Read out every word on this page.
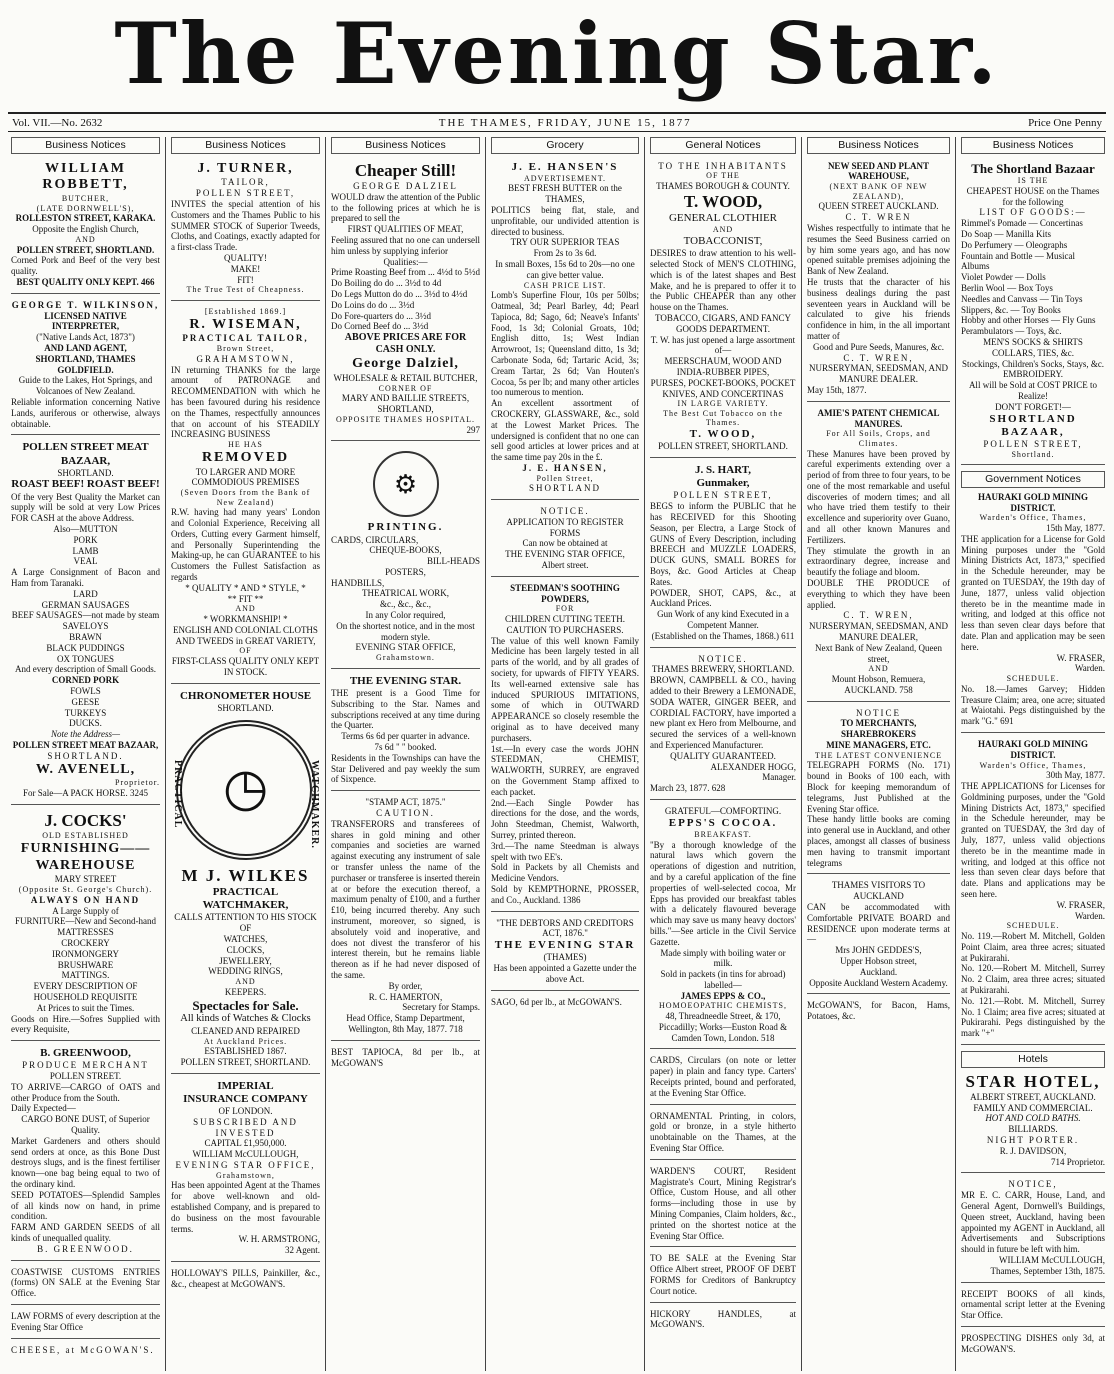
The Evening Star.
Vol. VII.—No. 2632	THE THAMES, FRIDAY, JUNE 15, 1877	Price One Penny
Business Notices
WILLIAM ROBBETT,
BUTCHER,
(LATE DORNWELL'S),
ROLLESTON STREET, KARAKA.
Opposite the English Church,
AND
POLLEN STREET, SHORTLAND.
Corned Pork and Beef of the very best quality.
BEST QUALITY ONLY KEPT. 466
GEORGE T. WILKINSON,
LICENSED NATIVE INTERPRETER,
("Native Lands Act, 1873")
AND LAND AGENT,
SHORTLAND, THAMES GOLDFIELD.
Guide to the Lakes, Hot Springs, and Volcanoes of New Zealand.
Reliable information concerning Native Lands, auriferous or otherwise, always obtainable.
POLLEN STREET MEAT BAZAAR,
SHORTLAND.
ROAST BEEF! ROAST BEEF!
Of the very Best Quality the Market can supply will be sold at very Low Prices FOR CASH at the above Address.
Also—MUTTON
PORK
LAMB
VEAL
A Large Consignment of Bacon and Ham from Taranaki.
LARD
GERMAN SAUSAGES
BEEF SAUSAGES—not made by steam
SAVELOYS
BRAWN
BLACK PUDDINGS
OX TONGUES
And every description of Small Goods.
CORNED PORK
FOWLS
GEESE
TURKEYS
DUCKS.
Note the Address—
POLLEN STREET MEAT BAZAAR,
SHORTLAND.
W. AVENELL,
Proprietor.
For Sale—A PACK HORSE. 3245
J. COCKS'
OLD ESTABLISHED
FURNISHING——WAREHOUSE
MARY STREET
(Opposite St. George's Church).
ALWAYS ON HAND
A Large Supply of
FURNITURE—New and Second-hand
MATTRESSES
CROCKERY
IRONMONGERY
BRUSHWARE
MATTINGS.
EVERY DESCRIPTION OF HOUSEHOLD REQUISITE
At Prices to suit the Times.
Goods on Hire.—Sofres Supplied with every Requisite,
B. GREENWOOD,
PRODUCE MERCHANT
POLLEN STREET.
TO ARRIVE—CARGO of OATS and other Produce from the South.
Daily Expected—
CARGO BONE DUST, of Superior Quality.
Market Gardeners and others should send orders at once, as this Bone Dust destroys slugs, and is the finest fertiliser known—one bag being equal to two of the ordinary kind.
SEED POTATOES—Splendid Samples of all kinds now on hand, in prime condition.
FARM AND GARDEN SEEDS of all kinds of unequalled quality.
B. GREENWOOD.
COASTWISE CUSTOMS ENTRIES (forms) ON SALE at the Evening Star Office.
LAW FORMS of every description at the Evening Star Office
CHEESE, at McGOWAN'S.
Business Notices
J. TURNER,
TAILOR,
POLLEN STREET,
INVITES the special attention of his Customers and the Thames Public to his SUMMER STOCK of Superior Tweeds, Cloths, and Coatings, exactly adapted for a first-class Trade.
QUALITY!
MAKE!
FIT!
The True Test of Cheapness.
[Established 1869.]
R. WISEMAN,
PRACTICAL TAILOR,
Brown Street,
GRAHAMSTOWN,
IN returning THANKS for the large amount of PATRONAGE and RECOMMENDATION with which he has been favoured during his residence on the Thames, respectfully announces that on account of his STEADILY INCREASING BUSINESS
HE HAS
REMOVED
TO LARGER AND MORE COMMODIOUS PREMISES
(Seven Doors from the Bank of New Zealand)
R.W. having had many years' London and Colonial Experience, Receiving all Orders, Cutting every Garment himself, and Personally Superintending the Making-up, he can GUARANTEE to his Customers the Fullest Satisfaction as regards
* QUALITY * AND * STYLE, *
** FIT **
AND
* WORKMANSHIP! *
ENGLISH AND COLONIAL CLOTHS AND TWEEDS in GREAT VARIETY,
OF
FIRST-CLASS QUALITY ONLY KEPT IN STOCK.
CHRONOMETER HOUSE
SHORTLAND.
PRACTICAL ◷	WATCHMAKER.
M J. WILKES
PRACTICAL WATCHMAKER,
CALLS ATTENTION TO HIS STOCK OF
WATCHES,
CLOCKS,
JEWELLERY,
WEDDING RINGS,
AND
KEEPERS.
Spectacles for Sale.
All kinds of Watches & Clocks
CLEANED AND REPAIRED
At Auckland Prices.
ESTABLISHED 1867.
POLLEN STREET, SHORTLAND.
IMPERIAL
INSURANCE COMPANY
OF LONDON.
SUBSCRIBED AND INVESTED
CAPITAL £1,950,000.
WILLIAM McCULLOUGH,
EVENING STAR OFFICE,
Grahamstown,
Has been appointed Agent at the Thames for above well-known and old-established Company, and is prepared to do business on the most favourable terms.
W. H. ARMSTRONG,
32 Agent.
HOLLOWAY'S PILLS, Painkiller, &c., &c., cheapest at McGOWAN'S.
Business Notices
Cheaper Still!
GEORGE DALZIEL
WOULD draw the attention of the Public to the following prices at which he is prepared to sell the
FIRST QUALITIES OF MEAT,
Feeling assured that no one can undersell him unless by supplying inferior
Qualities:—
Prime Roasting Beef from ... 4½d to 5½d
Do Boiling do do ... 3½d to 4d
Do Legs Mutton do do ... 3½d to 4½d
Do Loins do do ... 3½d
Do Fore-quarters do ... 3½d
Do Corned Beef do ... 3½d
ABOVE PRICES ARE FOR CASH ONLY.
George Dalziel,
WHOLESALE & RETAIL BUTCHER,
CORNER OF
MARY AND BAILLIE STREETS,
SHORTLAND,
OPPOSITE THAMES HOSPITAL.
297
⚙
PRINTING.
CARDS, CIRCULARS,
CHEQUE-BOOKS,
BILL-HEADS
POSTERS,
HANDBILLS,
THEATRICAL WORK,
&c., &c., &c.,
In any Color required,
On the shortest notice, and in the most modern style.
EVENING STAR OFFICE,
Grahamstown.
THE EVENING STAR.
THE present is a Good Time for Subscribing to the Star. Names and subscriptions received at any time during the Quarter.
Terms 6s 6d per quarter in advance.
7s 6d " " booked.
Residents in the Townships can have the Star Delivered and pay weekly the sum of Sixpence.
"STAMP ACT, 1875."
CAUTION.
TRANSFERORS and transferees of shares in gold mining and other companies and societies are warned against executing any instrument of sale or transfer unless the name of the purchaser or transferee is inserted therein at or before the execution thereof, a maximum penalty of £100, and a further £10, being incurred thereby. Any such instrument, moreover, so signed, is absolutely void and inoperative, and does not divest the transferor of his interest therein, but he remains liable thereon as if he had never disposed of the same.
By order,
R. C. HAMERTON,
Secretary for Stamps.
Head Office, Stamp Department,
Wellington, 8th May, 1877. 718
BEST TAPIOCA, 8d per lb., at McGOWAN'S
Grocery
J. E. HANSEN'S
ADVERTISEMENT.
BEST FRESH BUTTER on the THAMES,
POLITICS being flat, stale, and unprofitable, our undivided attention is directed to business.
TRY OUR SUPERIOR TEAS
From 2s to 3s 6d.
In small Boxes, 15s 6d to 20s—no one can give better value.
CASH PRICE LIST.
Lomb's Superfine Flour, 10s per 50lbs; Oatmeal, 3d; Pearl Barley, 4d; Pearl Tapioca, 8d; Sago, 6d; Neave's Infants' Food, 1s 3d; Colonial Groats, 10d; English ditto, 1s; West Indian Arrowroot, 1s; Queensland ditto, 1s 3d; Carbonate Soda, 6d; Tartaric Acid, 3s; Cream Tartar, 2s 6d; Van Houten's Cocoa, 5s per lb; and many other articles too numerous to mention.
An excellent assortment of CROCKERY, GLASSWARE, &c., sold at the Lowest Market Prices. The undersigned is confident that no one can sell good articles at lower prices and at the same time pay 20s in the £.
J. E. HANSEN,
Pollen Street,
SHORTLAND
NOTICE.
APPLICATION TO REGISTER
FORMS
Can now be obtained at
THE EVENING STAR OFFICE,
Albert street.
STEEDMAN'S SOOTHING POWDERS,
FOR
CHILDREN CUTTING TEETH.
CAUTION TO PURCHASERS.
The value of this well known Family Medicine has been largely tested in all parts of the world, and by all grades of society, for upwards of FIFTY YEARS. Its well-earned extensive sale has induced SPURIOUS IMITATIONS, some of which in OUTWARD APPEARANCE so closely resemble the original as to have deceived many purchasers.
1st.—In every case the words JOHN STEEDMAN, CHEMIST, WALWORTH, SURREY, are engraved on the Government Stamp affixed to each packet.
2nd.—Each Single Powder has directions for the dose, and the words, John Steedman, Chemist, Walworth, Surrey, printed thereon.
3rd.—The name Steedman is always spelt with two EE's.
Sold in Packets by all Chemists and Medicine Vendors.
Sold by KEMPTHORNE, PROSSER, and Co., Auckland. 1386
"THE DEBTORS AND CREDITORS
ACT, 1876."
THE EVENING STAR
(THAMES)
Has been appointed a Gazette under the above Act.
SAGO, 6d per lb., at McGOWAN'S.
General Notices
TO THE INHABITANTS
OF THE
THAMES BOROUGH & COUNTY.
T. WOOD,
GENERAL CLOTHIER
AND
TOBACCONIST,
DESIRES to draw attention to his well-selected Stock of MEN'S CLOTHING, which is of the latest shapes and Best Make, and he is prepared to offer it to the Public CHEAPER than any other house on the Thames.
TOBACCO, CIGARS, AND FANCY GOODS DEPARTMENT.
T. W. has just opened a large assortment of—
MEERSCHAUM, WOOD AND INDIA-RUBBER PIPES,
PURSES, POCKET-BOOKS, POCKET KNIVES, AND CONCERTINAS
IN LARGE VARIETY.
The Best Cut Tobacco on the Thames.
T. WOOD,
POLLEN STREET, SHORTLAND.
J. S. HART,
Gunmaker,
POLLEN STREET,
BEGS to inform the PUBLIC that he has RECEIVED for this Shooting Season, per Electra, a Large Stock of GUNS of Every Description, including BREECH and MUZZLE LOADERS, DUCK GUNS, SMALL BORES for Boys, &c. Good Articles at Cheap Rates.
POWDER, SHOT, CAPS, &c., at Auckland Prices.
Gun Work of any kind Executed in a Competent Manner.
(Established on the Thames, 1868.) 611
NOTICE.
THAMES BREWERY, SHORTLAND.
BROWN, CAMPBELL & CO., having added to their Brewery a LEMONADE, SODA WATER, GINGER BEER, and CORDIAL FACTORY, have imported a new plant ex Hero from Melbourne, and secured the services of a well-known and Experienced Manufacturer.
QUALITY GUARANTEED.
ALEXANDER HOGG,
Manager.
March 23, 1877. 628
GRATEFUL—COMFORTING.
EPPS'S COCOA.
BREAKFAST.
"By a thorough knowledge of the natural laws which govern the operations of digestion and nutrition, and by a careful application of the fine properties of well-selected cocoa, Mr Epps has provided our breakfast tables with a delicately flavoured beverage which may save us many heavy doctors' bills."—See article in the Civil Service Gazette.
Made simply with boiling water or milk.
Sold in packets (in tins for abroad) labelled—
JAMES EPPS & CO.,
HOMOEOPATHIC CHEMISTS,
48, Threadneedle Street, & 170, Piccadilly; Works—Euston Road & Camden Town, London. 518
CARDS, Circulars (on note or letter paper) in plain and fancy type. Carters' Receipts printed, bound and perforated, at the Evening Star Office.
ORNAMENTAL Printing, in colors, gold or bronze, in a style hitherto unobtainable on the Thames, at the Evening Star Office.
WARDEN'S COURT, Resident Magistrate's Court, Mining Registrar's Office, Custom House, and all other forms—including those in use by Mining Companies, Claim holders, &c., printed on the shortest notice at the Evening Star Office.
TO BE SALE at the Evening Star Office Albert street, PROOF OF DEBT FORMS for Creditors of Bankruptcy Court notice.
HICKORY HANDLES, at McGOWAN'S.
Business Notices
NEW SEED AND PLANT WAREHOUSE,
(NEXT BANK OF NEW ZEALAND),
QUEEN STREET AUCKLAND.
C. T. WREN
Wishes respectfully to intimate that he resumes the Seed Business carried on by him some years ago, and has now opened suitable premises adjoining the Bank of New Zealand.
He trusts that the character of his business dealings during the past seventeen years in Auckland will be calculated to give his friends confidence in him, in the all important matter of
Good and Pure Seeds, Manures, &c.
C. T. WREN,
NURSERYMAN, SEEDSMAN, AND MANURE DEALER.
May 15th, 1877.
AMIE'S PATENT CHEMICAL MANURES.
For All Soils, Crops, and Climates.
These Manures have been proved by careful experiments extending over a period of from three to four years, to be one of the most remarkable and useful discoveries of modern times; and all who have tried them testify to their excellence and superiority over Guano, and all other known Manures and Fertilizers.
They stimulate the growth in an extraordinary degree, increase and beautify the foliage and bloom.
DOUBLE THE PRODUCE of everything to which they have been applied.
C. T. WREN,
NURSERYMAN, SEEDSMAN, AND MANURE DEALER,
Next Bank of New Zealand, Queen street,
AND
Mount Hobson, Remuera,
AUCKLAND. 758
NOTICE
TO MERCHANTS, SHAREBROKERS
MINE MANAGERS, ETC.
THE LATEST CONVENIENCE
TELEGRAPH FORMS (No. 171) bound in Books of 100 each, with Block for keeping memorandum of telegrams, Just Published at the Evening Star office.
These handy little books are coming into general use in Auckland, and other places, amongst all classes of business men having to transmit important telegrams
THAMES VISITORS TO AUCKLAND
CAN be accommodated with Comfortable PRIVATE BOARD and RESIDENCE upon moderate terms at—
Mrs JOHN GEDDES'S,
Upper Hobson street,
Auckland.
Opposite Auckland Western Academy.
McGOWAN'S, for Bacon, Hams, Potatoes, &c.
Business Notices
The Shortland Bazaar
IS THE
CHEAPEST HOUSE on the Thames for the following
LIST OF GOODS:—
Rimmel's Pomade — Concertinas
Do Soap — Manilla Kits
Do Perfumery — Oleographs
Fountain and Bottle — Musical Albums
Violet Powder — Dolls
Berlin Wool — Box Toys
Needles and Canvass — Tin Toys
Slippers, &c. — Toy Books
Hobby and other Horses — Fly Guns
Perambulators — Toys, &c.
MEN'S SOCKS & SHIRTS COLLARS, TIES, &c.
Stockings, Children's Socks, Stays, &c. EMBROIDERY.
All will be Sold at COST PRICE to Realize!
DON'T FORGET!—
SHORTLAND BAZAAR,
POLLEN STREET,
Shortland.
Government Notices
HAURAKI GOLD MINING DISTRICT.
Warden's Office, Thames,
15th May, 1877.
THE application for a License for Gold Mining purposes under the "Gold Mining Districts Act, 1873," specified in the Schedule hereunder, may be granted on TUESDAY, the 19th day of June, 1877, unless valid objection thereto be in the meantime made in writing, and lodged at this office not less than seven clear days before that date. Plan and application may be seen here.
W. FRASER,
Warden.
SCHEDULE.
No. 18.—James Garvey; Hidden Treasure Claim; area, one acre; situated at Waiotahi. Pegs distinguished by the mark "G." 691
HAURAKI GOLD MINING DISTRICT.
Warden's Office, Thames,
30th May, 1877.
THE APPLICATIONS for Licenses for Goldmining purposes, under the "Gold Mining Districts Act, 1873," specified in the Schedule hereunder, may be granted on TUESDAY, the 3rd day of July, 1877, unless valid objections thereto be in the meantime made in writing, and lodged at this office not less than seven clear days before that date. Plans and applications may be seen here.
W. FRASER,
Warden.
SCHEDULE.
No. 119.—Robert M. Mitchell, Golden Point Claim, area three acres; situated at Pukirarahi.
No. 120.—Robert M. Mitchell, Surrey No. 2 Claim, area three acres; situated at Pukirarahi.
No. 121.—Robt. M. Mitchell, Surrey No. 1 Claim; area five acres; situated at Pukirarahi. Pegs distinguished by the mark "+"
Hotels
STAR HOTEL,
ALBERT STREET, AUCKLAND.
FAMILY AND COMMERCIAL.
HOT AND COLD BATHS.
BILLIARDS.
NIGHT PORTER.
R. J. DAVIDSON,
714 Proprietor.
NOTICE,
MR E. C. CARR, House, Land, and General Agent, Dornwell's Buildings, Queen street, Auckland, having been appointed my AGENT in Auckland, all Advertisements and Subscriptions should in future be left with him.
WILLIAM McCULLOUGH,
Thames, September 13th, 1875.
RECEIPT BOOKS of all kinds, ornamental script letter at the Evening Star Office.
PROSPECTING DISHES only 3d, at McGOWAN'S.
